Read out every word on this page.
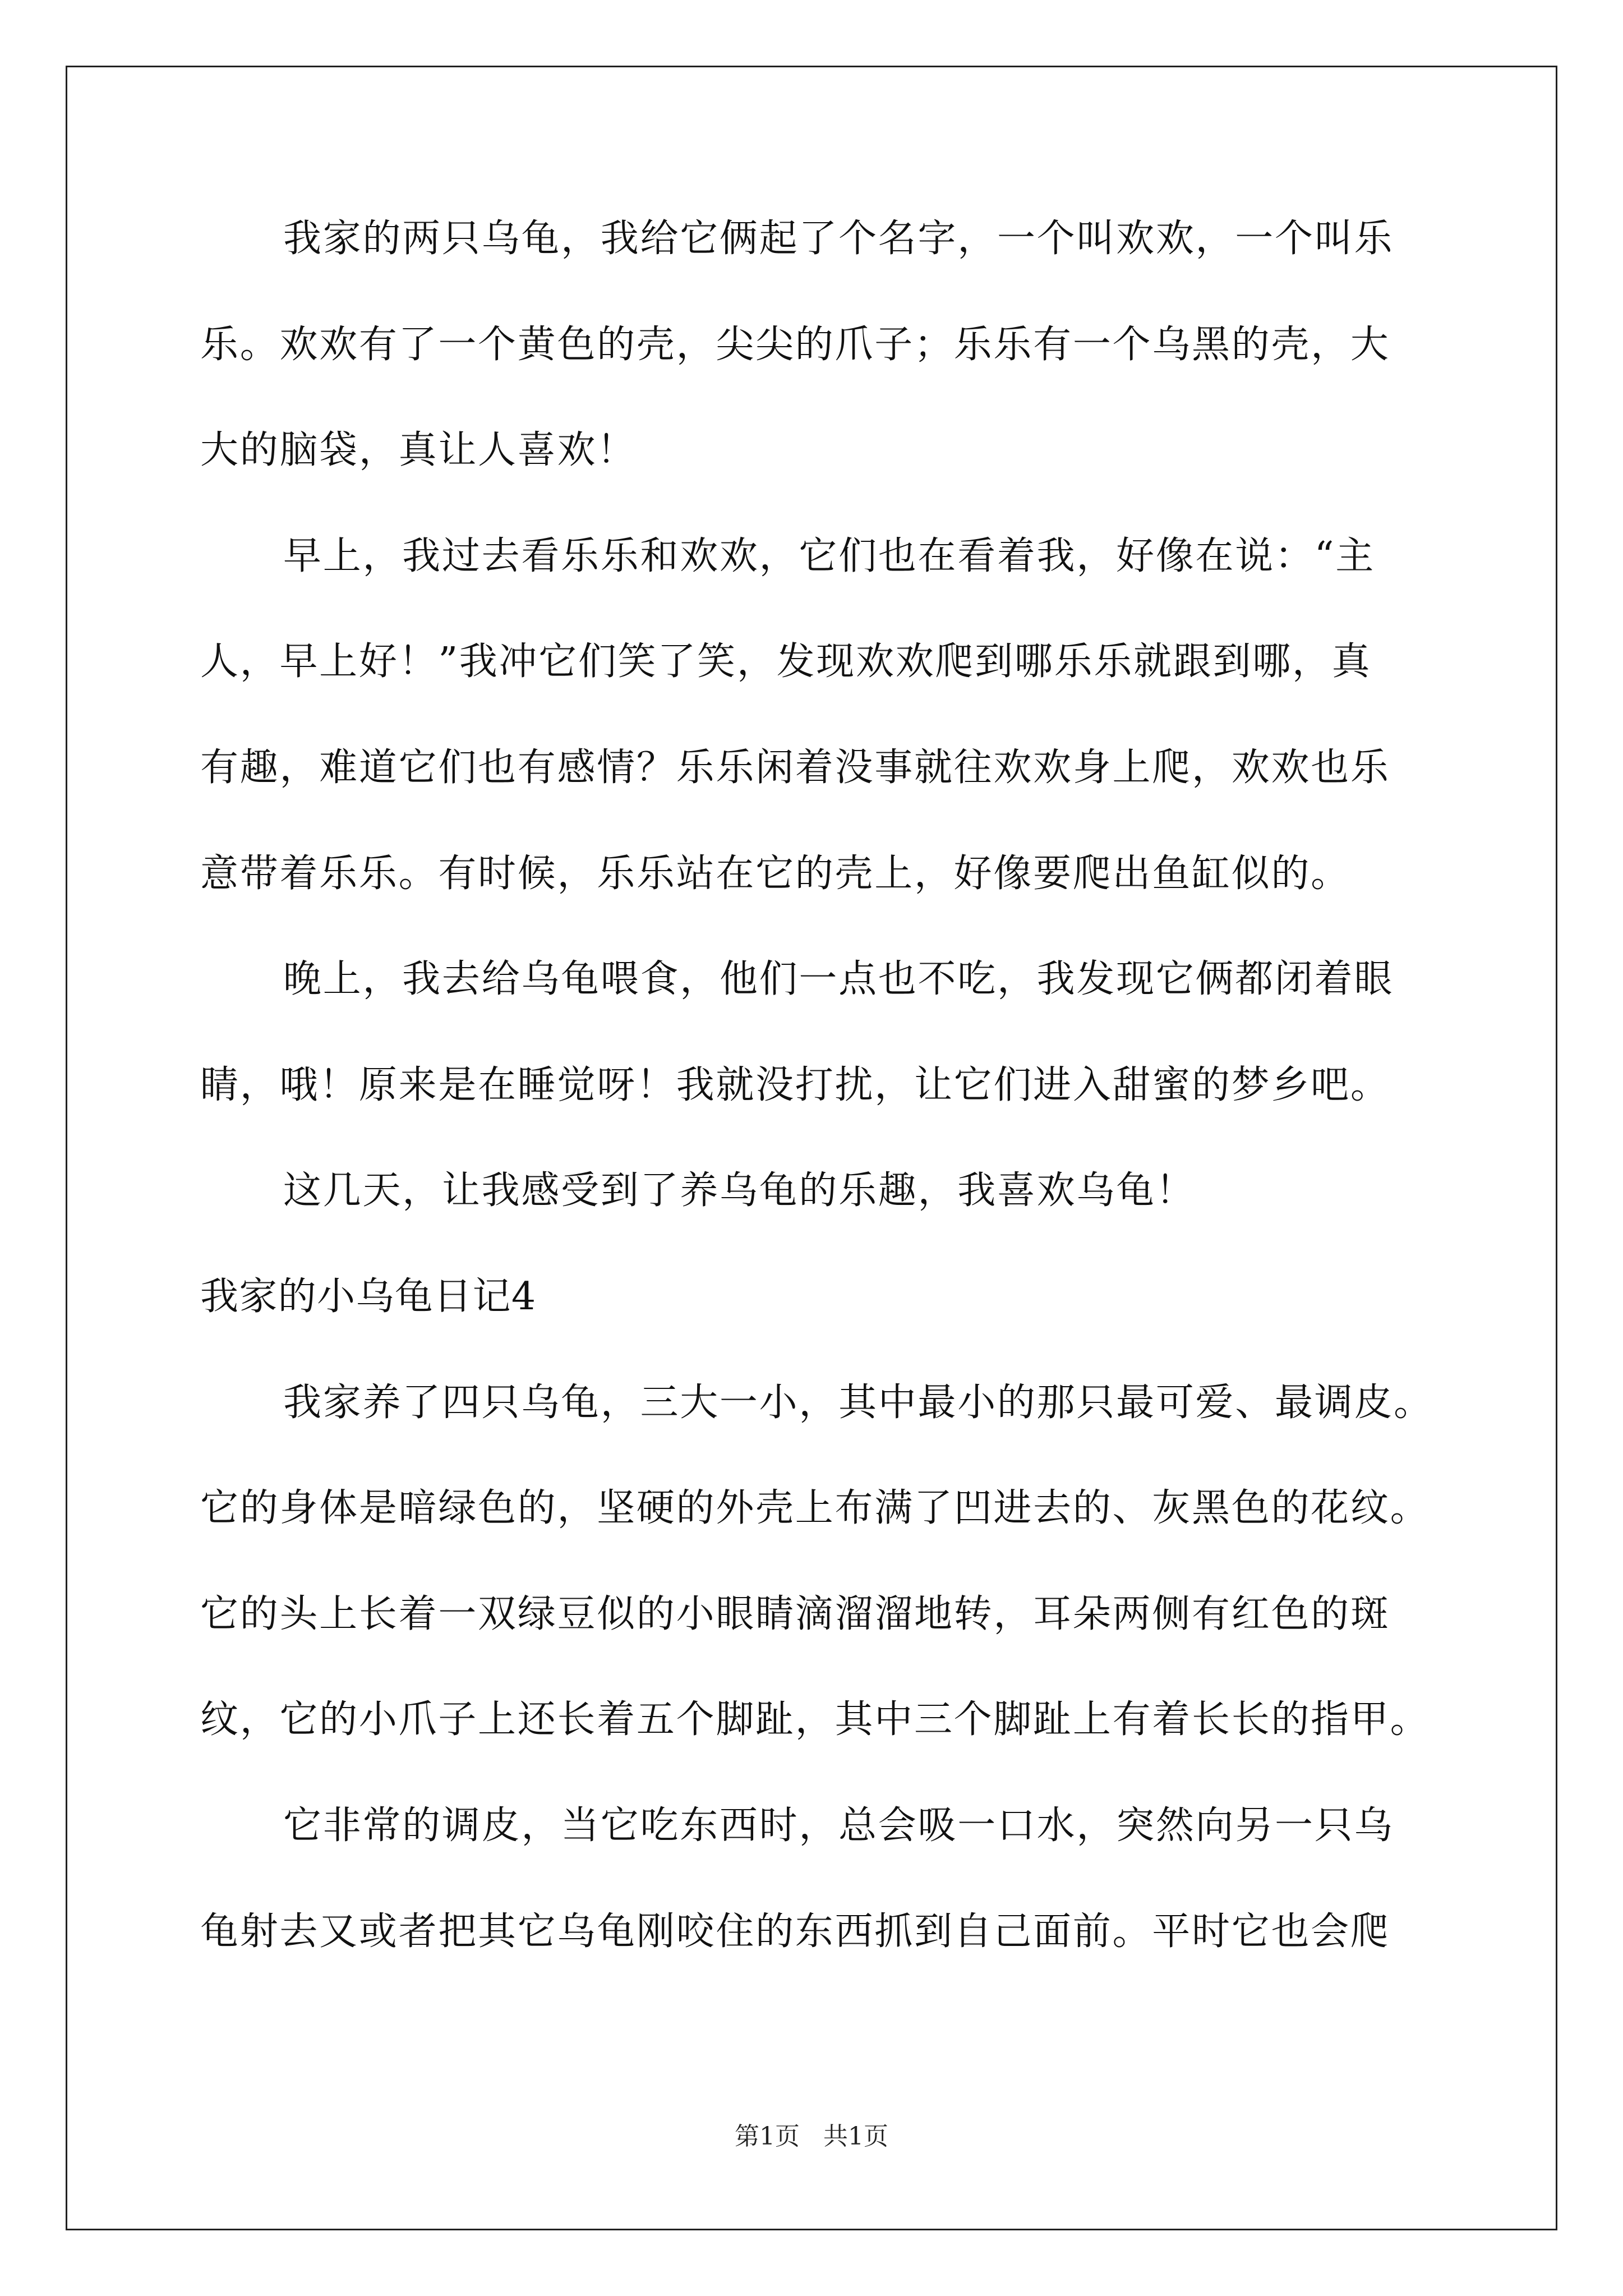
我家的两只乌龟，我给它俩起了个名字，一个叫欢欢，一个叫乐
乐。欢欢有了一个黄色的壳，尖尖的爪子；乐乐有一个乌黑的壳，大
大的脑袋，真让人喜欢！
早上，我过去看乐乐和欢欢，它们也在看着我，好像在说：“主
人，早上好！”我冲它们笑了笑，发现欢欢爬到哪乐乐就跟到哪，真
有趣，难道它们也有感情？乐乐闲着没事就往欢欢身上爬，欢欢也乐
意带着乐乐。有时候，乐乐站在它的壳上，好像要爬出鱼缸似的。
晚上，我去给乌龟喂食，他们一点也不吃，我发现它俩都闭着眼
睛，哦！原来是在睡觉呀！我就没打扰，让它们进入甜蜜的梦乡吧。
这几天，让我感受到了养乌龟的乐趣，我喜欢乌龟！
我家的小乌龟日记4
我家养了四只乌龟，三大一小，其中最小的那只最可爱、最调皮。
它的身体是暗绿色的，坚硬的外壳上布满了凹进去的、灰黑色的花纹。
它的头上长着一双绿豆似的小眼睛滴溜溜地转，耳朵两侧有红色的斑
纹，它的小爪子上还长着五个脚趾，其中三个脚趾上有着长长的指甲。
它非常的调皮，当它吃东西时，总会吸一口水，突然向另一只乌
龟射去又或者把其它乌龟刚咬住的东西抓到自己面前。平时它也会爬
第1页 共1页
